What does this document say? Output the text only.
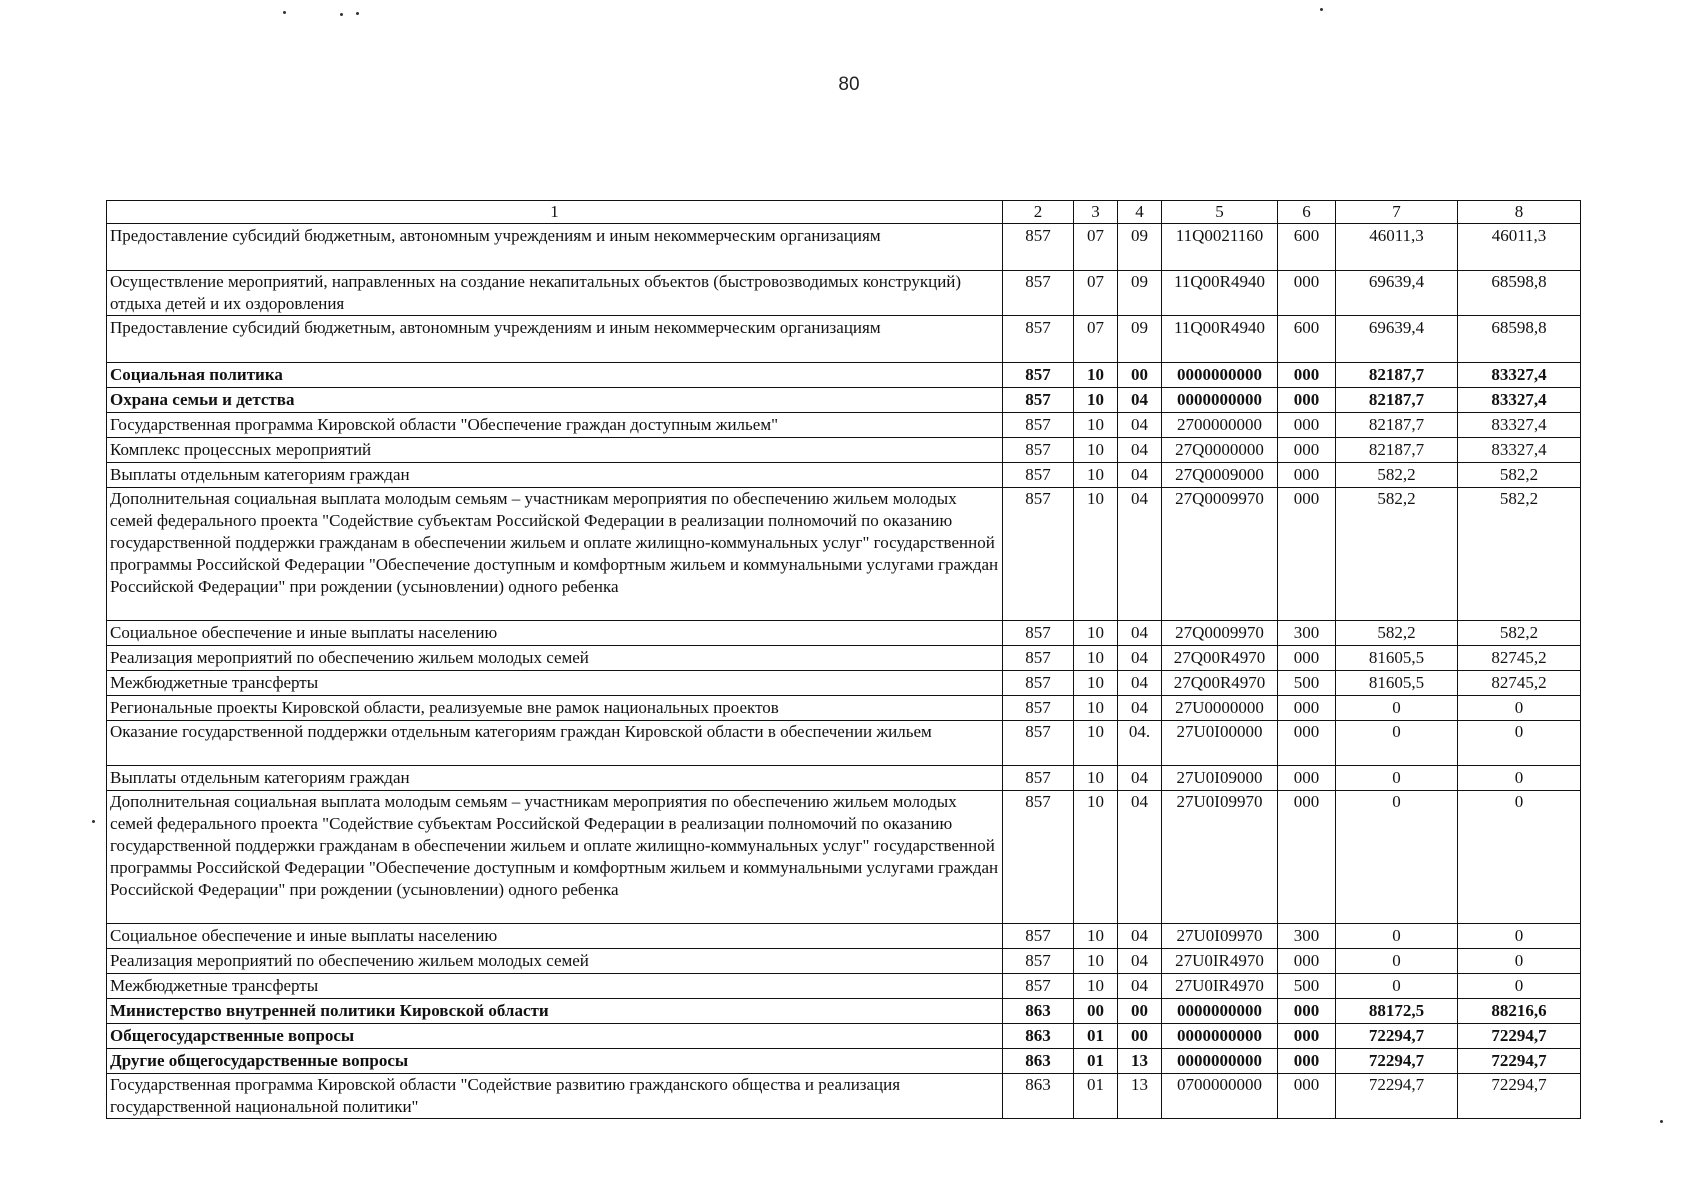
80
1	2	3	4	5	6	7	8
Предоставление субсидий бюджетным, автономным учреждениям и иным некоммерческим организациям	857	07	09	11Q0021160	600	46011,3	46011,3
Осуществление мероприятий, направленных на создание некапитальных объектов (быстровозводимых конструкций) отдыха детей и их оздоровления	857	07	09	11Q00R4940	000	69639,4	68598,8
Предоставление субсидий бюджетным, автономным учреждениям и иным некоммерческим организациям	857	07	09	11Q00R4940	600	69639,4	68598,8
Социальная политика	857	10	00	0000000000	000	82187,7	83327,4
Охрана семьи и детства	857	10	04	0000000000	000	82187,7	83327,4
Государственная программа Кировской области "Обеспечение граждан доступным жильем"	857	10	04	2700000000	000	82187,7	83327,4
Комплекс процессных мероприятий	857	10	04	27Q0000000	000	82187,7	83327,4
Выплаты отдельным категориям граждан	857	10	04	27Q0009000	000	582,2	582,2
Дополнительная социальная выплата молодым семьям – участникам мероприятия по обеспечению жильем молодых семей федерального проекта "Содействие субъектам Российской Федерации в реализации полномочий по оказанию государственной поддержки гражданам в обеспечении жильем и оплате жилищно-коммунальных услуг" государственной программы Российской Федерации "Обеспечение доступным и комфортным жильем и коммунальными услугами граждан Российской Федерации" при рождении (усыновлении) одного ребенка	857	10	04	27Q0009970	000	582,2	582,2
Социальное обеспечение и иные выплаты населению	857	10	04	27Q0009970	300	582,2	582,2
Реализация мероприятий по обеспечению жильем молодых семей	857	10	04	27Q00R4970	000	81605,5	82745,2
Межбюджетные трансферты	857	10	04	27Q00R4970	500	81605,5	82745,2
Региональные проекты Кировской области, реализуемые вне рамок национальных проектов	857	10	04	27U0000000	000	0	0
Оказание государственной поддержки отдельным категориям граждан Кировской области в обеспечении жильем	857	10	04.	27U0I00000	000	0	0
Выплаты отдельным категориям граждан	857	10	04	27U0I09000	000	0	0
Дополнительная социальная выплата молодым семьям – участникам мероприятия по обеспечению жильем молодых семей федерального проекта "Содействие субъектам Российской Федерации в реализации полномочий по оказанию государственной поддержки гражданам в обеспечении жильем и оплате жилищно-коммунальных услуг" государственной программы Российской Федерации "Обеспечение доступным и комфортным жильем и коммунальными услугами граждан Российской Федерации" при рождении (усыновлении) одного ребенка	857	10	04	27U0I09970	000	0	0
Социальное обеспечение и иные выплаты населению	857	10	04	27U0I09970	300	0	0
Реализация мероприятий по обеспечению жильем молодых семей	857	10	04	27U0IR4970	000	0	0
Межбюджетные трансферты	857	10	04	27U0IR4970	500	0	0
Министерство внутренней политики Кировской области	863	00	00	0000000000	000	88172,5	88216,6
Общегосударственные вопросы	863	01	00	0000000000	000	72294,7	72294,7
Другие общегосударственные вопросы	863	01	13	0000000000	000	72294,7	72294,7
Государственная программа Кировской области "Содействие развитию гражданского общества и реализация государственной национальной политики"	863	01	13	0700000000	000	72294,7	72294,7
